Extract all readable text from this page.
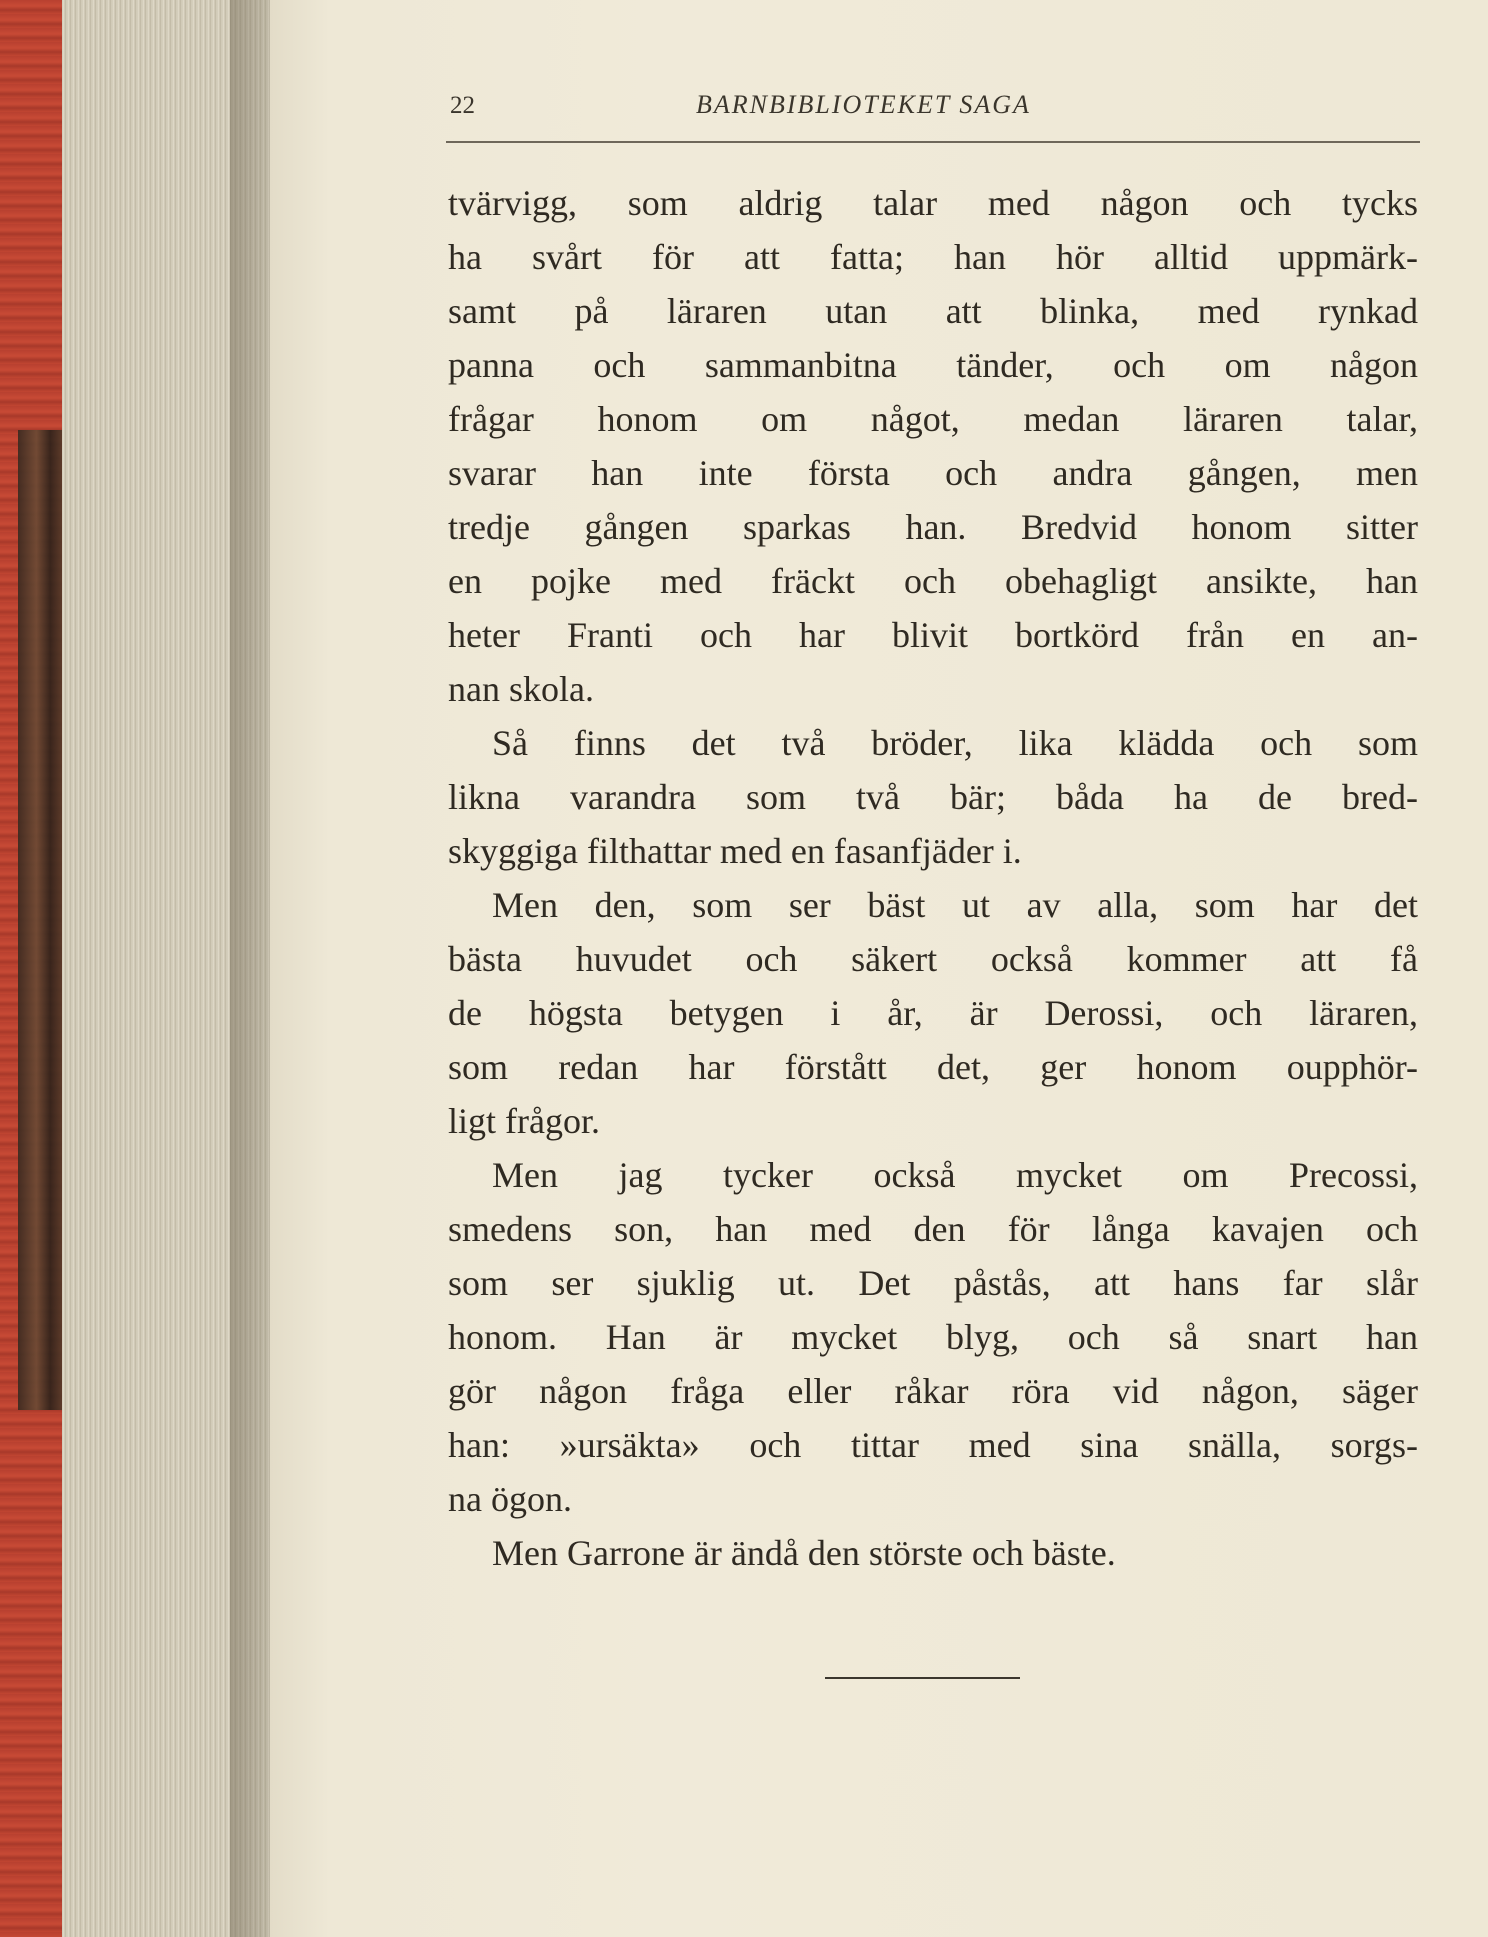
22	BARNBIBLIOTEKET SAGA
tvärvigg, som aldrig talar med någon och tycks
ha svårt för att fatta; han hör alltid uppmärk-
samt på läraren utan att blinka, med rynkad
panna och sammanbitna tänder, och om någon
frågar honom om något, medan läraren talar,
svarar han inte första och andra gången, men
tredje gången sparkas han. Bredvid honom sitter
en pojke med fräckt och obehagligt ansikte, han
heter Franti och har blivit bortkörd från en an-
nan skola.
Så finns det två bröder, lika klädda och som
likna varandra som två bär; båda ha de bred-
skyggiga filthattar med en fasanfjäder i.
Men den, som ser bäst ut av alla, som har det
bästa huvudet och säkert också kommer att få
de högsta betygen i år, är Derossi, och läraren,
som redan har förstått det, ger honom oupphör-
ligt frågor.
Men jag tycker också mycket om Precossi,
smedens son, han med den för långa kavajen och
som ser sjuklig ut. Det påstås, att hans far slår
honom. Han är mycket blyg, och så snart han
gör någon fråga eller råkar röra vid någon, säger
han: »ursäkta» och tittar med sina snälla, sorgs-
na ögon.
Men Garrone är ändå den störste och bäste.
